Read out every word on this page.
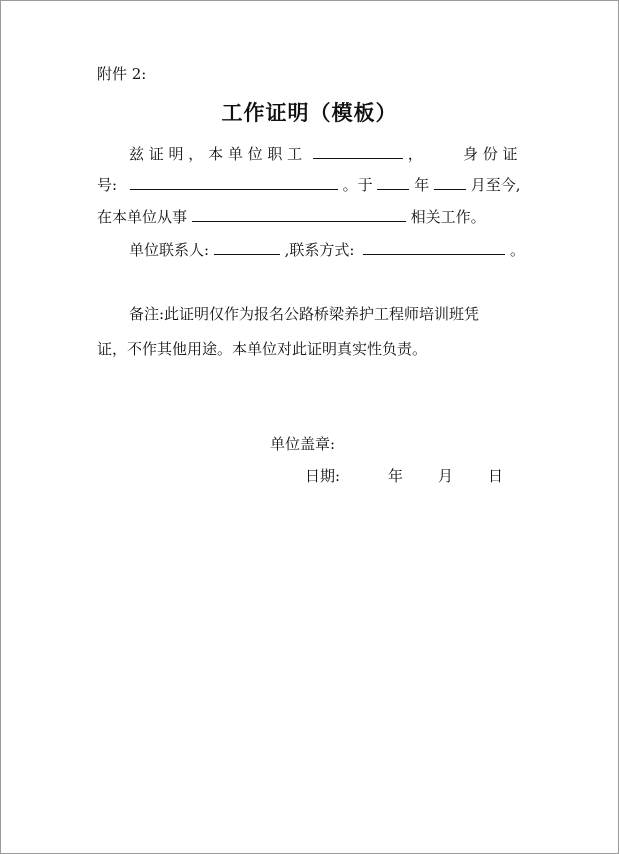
附件 2:
工作证明（模板）
兹 证 明 ， 本 单 位 职 工	，	身 份 证
号:	。于	年	月至今,
在本单位从事	相关工作。
单位联系人:	,联系方式:	。
备注:此证明仅作为报名公路桥梁养护工程师培训班凭
证，不作其他用途。本单位对此证明真实性负责。
单位盖章:
日期:	年 月 日
